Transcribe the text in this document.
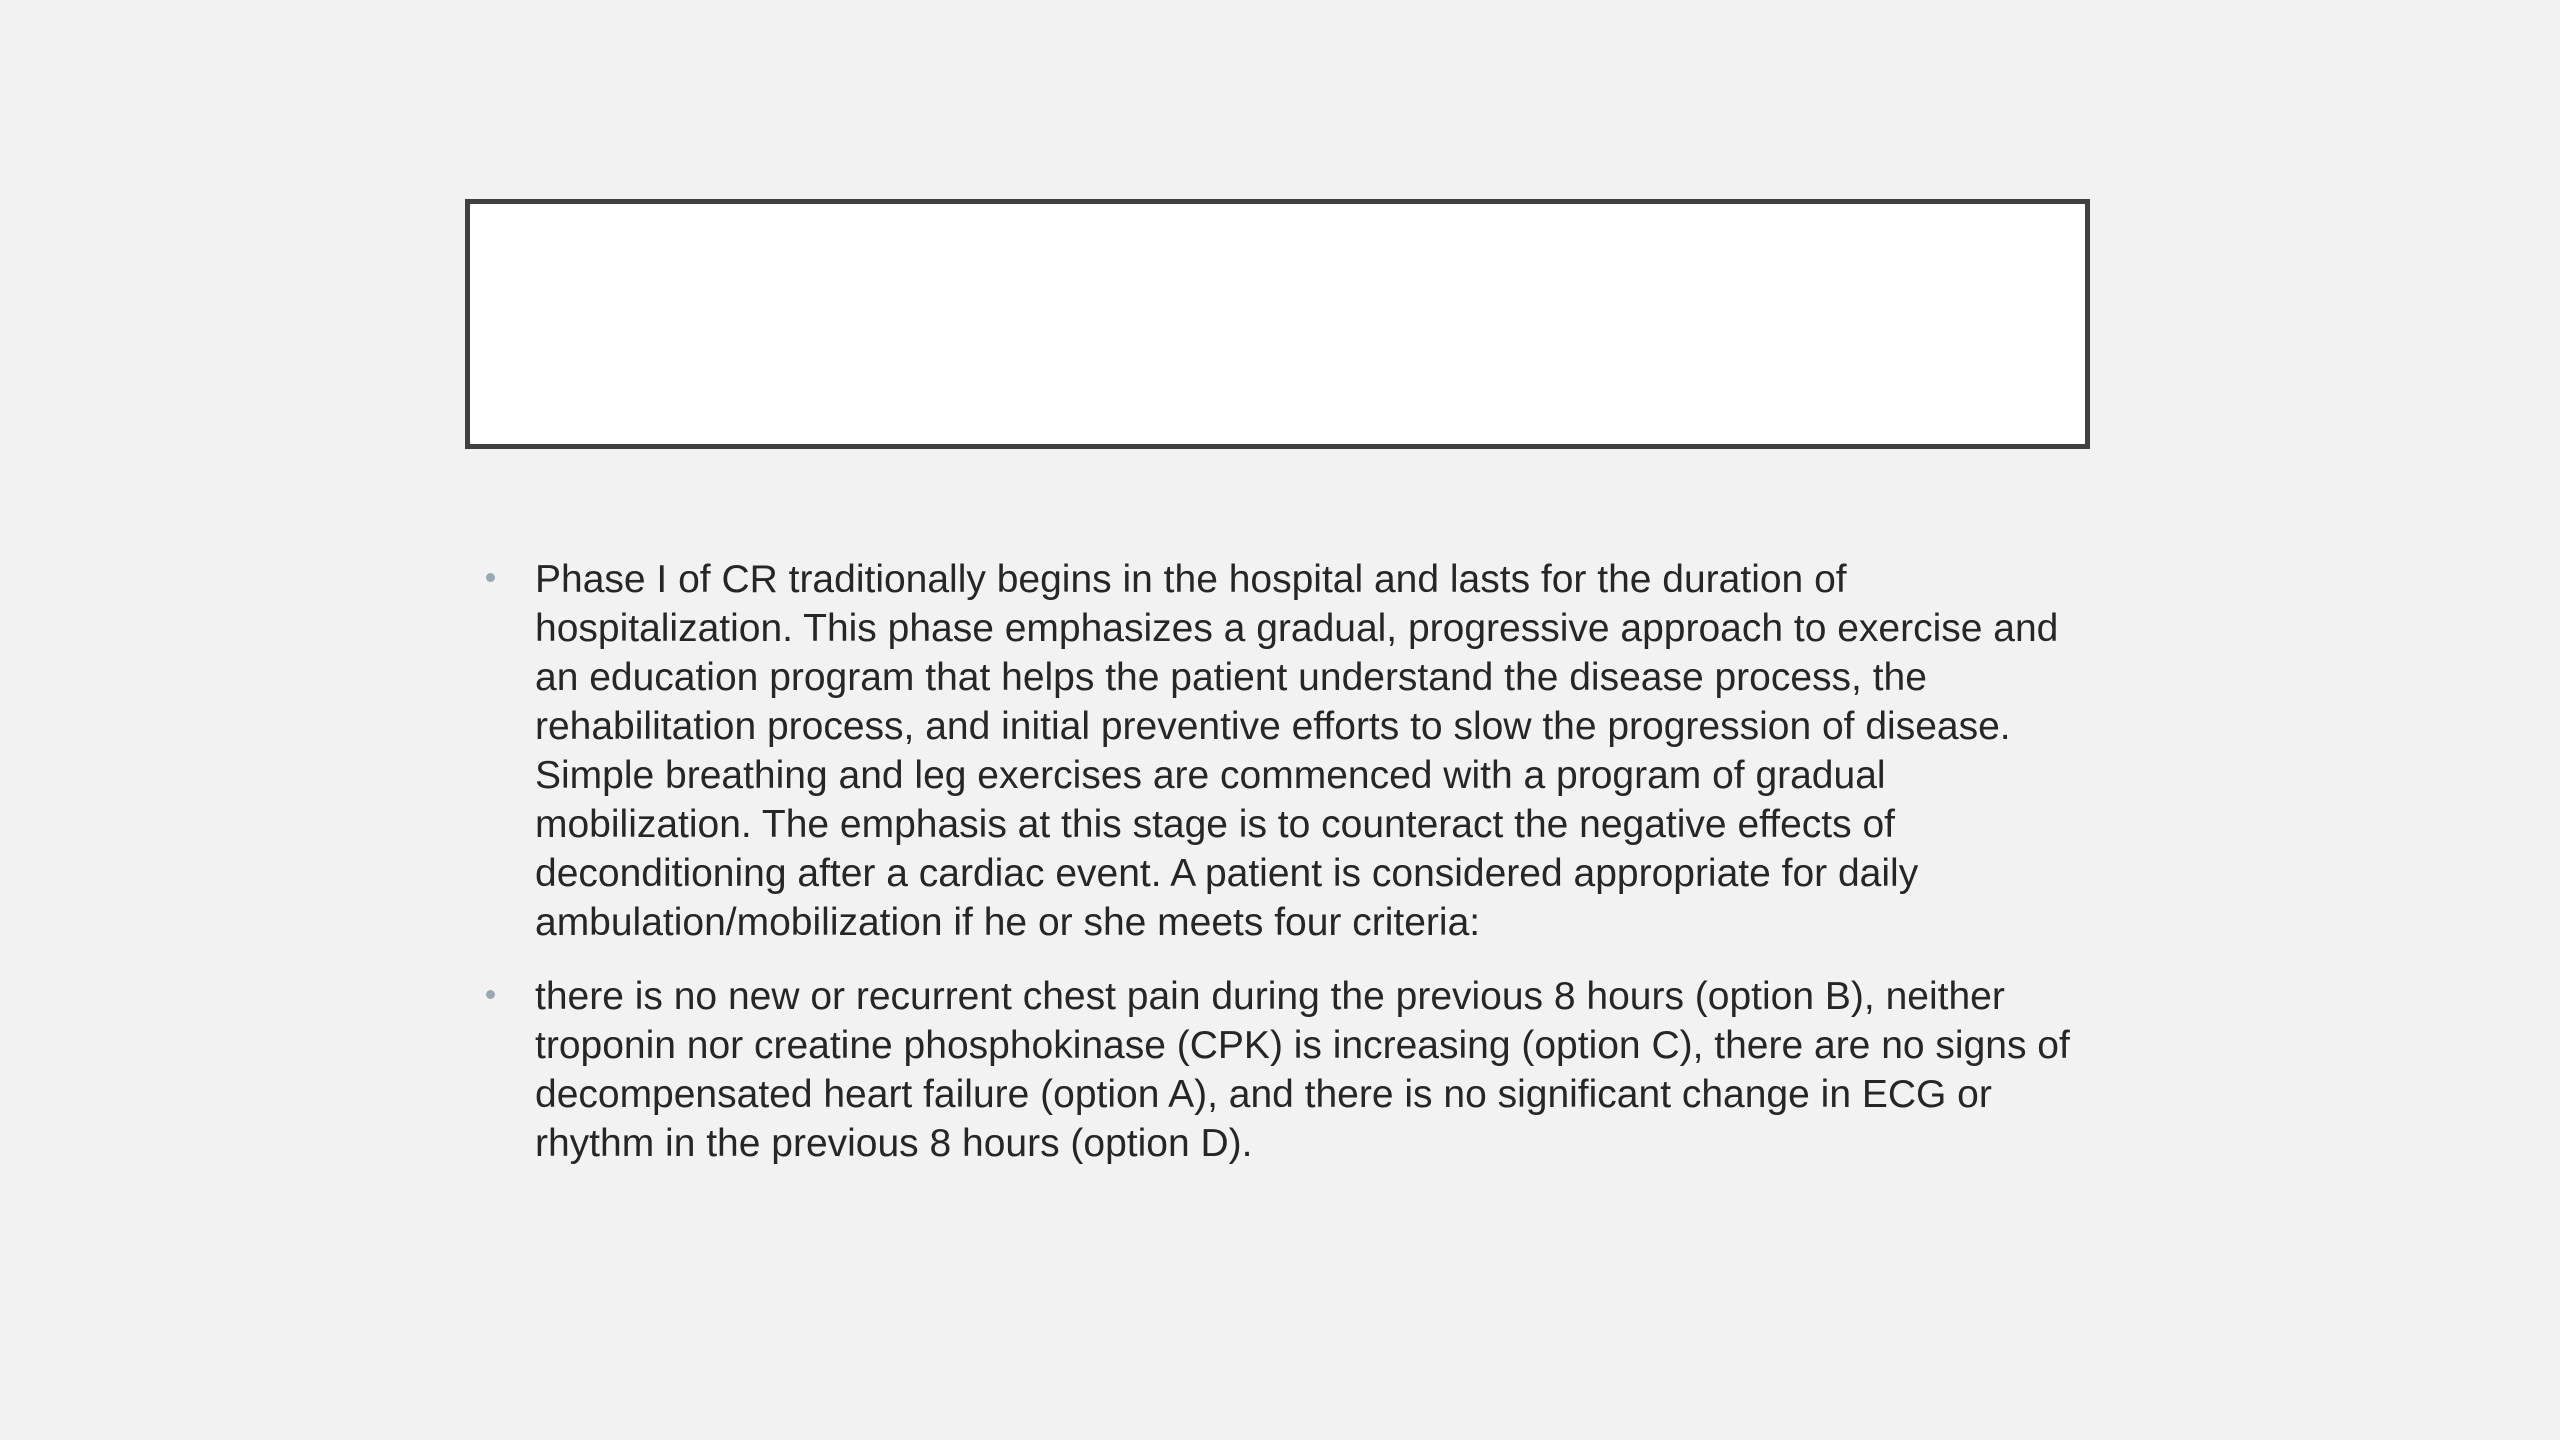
Phase I of CR traditionally begins in the hospital and lasts for the duration of hospitalization. This phase emphasizes a gradual, progressive approach to exercise and an education program that helps the patient understand the disease process, the rehabilitation process, and initial preventive efforts to slow the progression of disease. Simple breathing and leg exercises are commenced with a program of gradual mobilization. The emphasis at this stage is to counteract the negative effects of deconditioning after a cardiac event. A patient is considered appropriate for daily ambulation/mobilization if he or she meets four criteria:
there is no new or recurrent chest pain during the previous 8 hours (option B), neither troponin nor creatine phosphokinase (CPK) is increasing (option C), there are no signs of decompensated heart failure (option A), and there is no significant change in ECG or rhythm in the previous 8 hours (option D).
